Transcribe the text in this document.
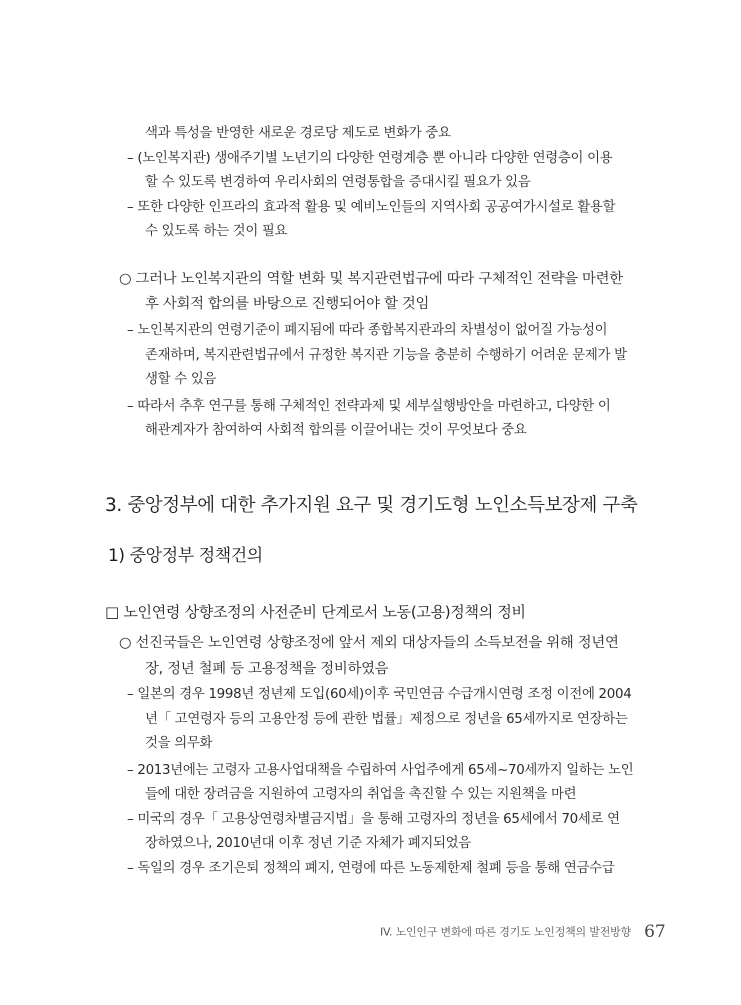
색과 특성을 반영한 새로운 경로당 제도로 변화가 중요
– (노인복지관) 생애주기별 노년기의 다양한 연령계층 뿐 아니라 다양한 연령층이 이용
할 수 있도록 변경하여 우리사회의 연령통합을 증대시킬 필요가 있음
– 또한 다양한 인프라의 효과적 활용 및 예비노인들의 지역사회 공공여가시설로 활용할
수 있도록 하는 것이 필요
○ 그러나 노인복지관의 역할 변화 및 복지관련법규에 따라 구체적인 전략을 마련한
후 사회적 합의를 바탕으로 진행되어야 할 것임
– 노인복지관의 연령기준이 폐지됨에 따라 종합복지관과의 차별성이 없어질 가능성이
존재하며, 복지관련법규에서 규정한 복지관 기능을 충분히 수행하기 어려운 문제가 발
생할 수 있음
– 따라서 추후 연구를 통해 구체적인 전략과제 및 세부실행방안을 마련하고, 다양한 이
해관계자가 참여하여 사회적 합의를 이끌어내는 것이 무엇보다 중요
3. 중앙정부에 대한 추가지원 요구 및 경기도형 노인소득보장제 구축
1) 중앙정부 정책건의
□ 노인연령 상향조정의 사전준비 단계로서 노동(고용)정책의 정비
○ 선진국들은 노인연령 상향조정에 앞서 제외 대상자들의 소득보전을 위해 정년연
장, 정년 철폐 등 고용정책을 정비하였음
– 일본의 경우 1998년 정년제 도입(60세)이후 국민연금 수급개시연령 조정 이전에 2004
년「 고연령자 등의 고용안정 등에 관한 법률」제정으로 정년을 65세까지로 연장하는
것을 의무화
– 2013년에는 고령자 고용사업대책을 수립하여 사업주에게 65세~70세까지 일하는 노인
들에 대한 장려금을 지원하여 고령자의 취업을 촉진할 수 있는 지원책을 마련
– 미국의 경우「 고용상연령차별금지법」을 통해 고령자의 정년을 65세에서 70세로 연
장하였으나, 2010년대 이후 정년 기준 자체가 폐지되었음
– 독일의 경우 조기은퇴 정책의 폐지, 연령에 따른 노동제한제 철폐 등을 통해 연금수급
IV. 노인인구 변화에 따른 경기도 노인정책의 발전방향 67
